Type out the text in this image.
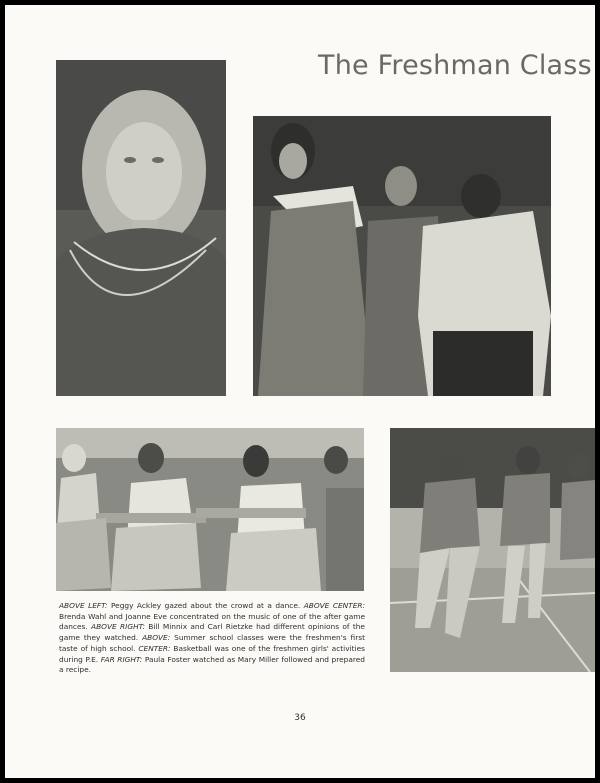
The Freshman Class
ABOVE LEFT: Peggy Ackley gazed about the crowd at a dance. ABOVE CENTER: Brenda Wahl and Joanne Eve concentrated on the music of one of the after game dances. ABOVE RIGHT: Bill Minnix and Carl Rietzke had different opinions of the game they watched. ABOVE: Summer school classes were the freshmen's first taste of high school. CENTER: Basketball was one of the freshmen girls' activities during P.E. FAR RIGHT: Paula Foster watched as Mary Miller followed and prepared a recipe.
36
